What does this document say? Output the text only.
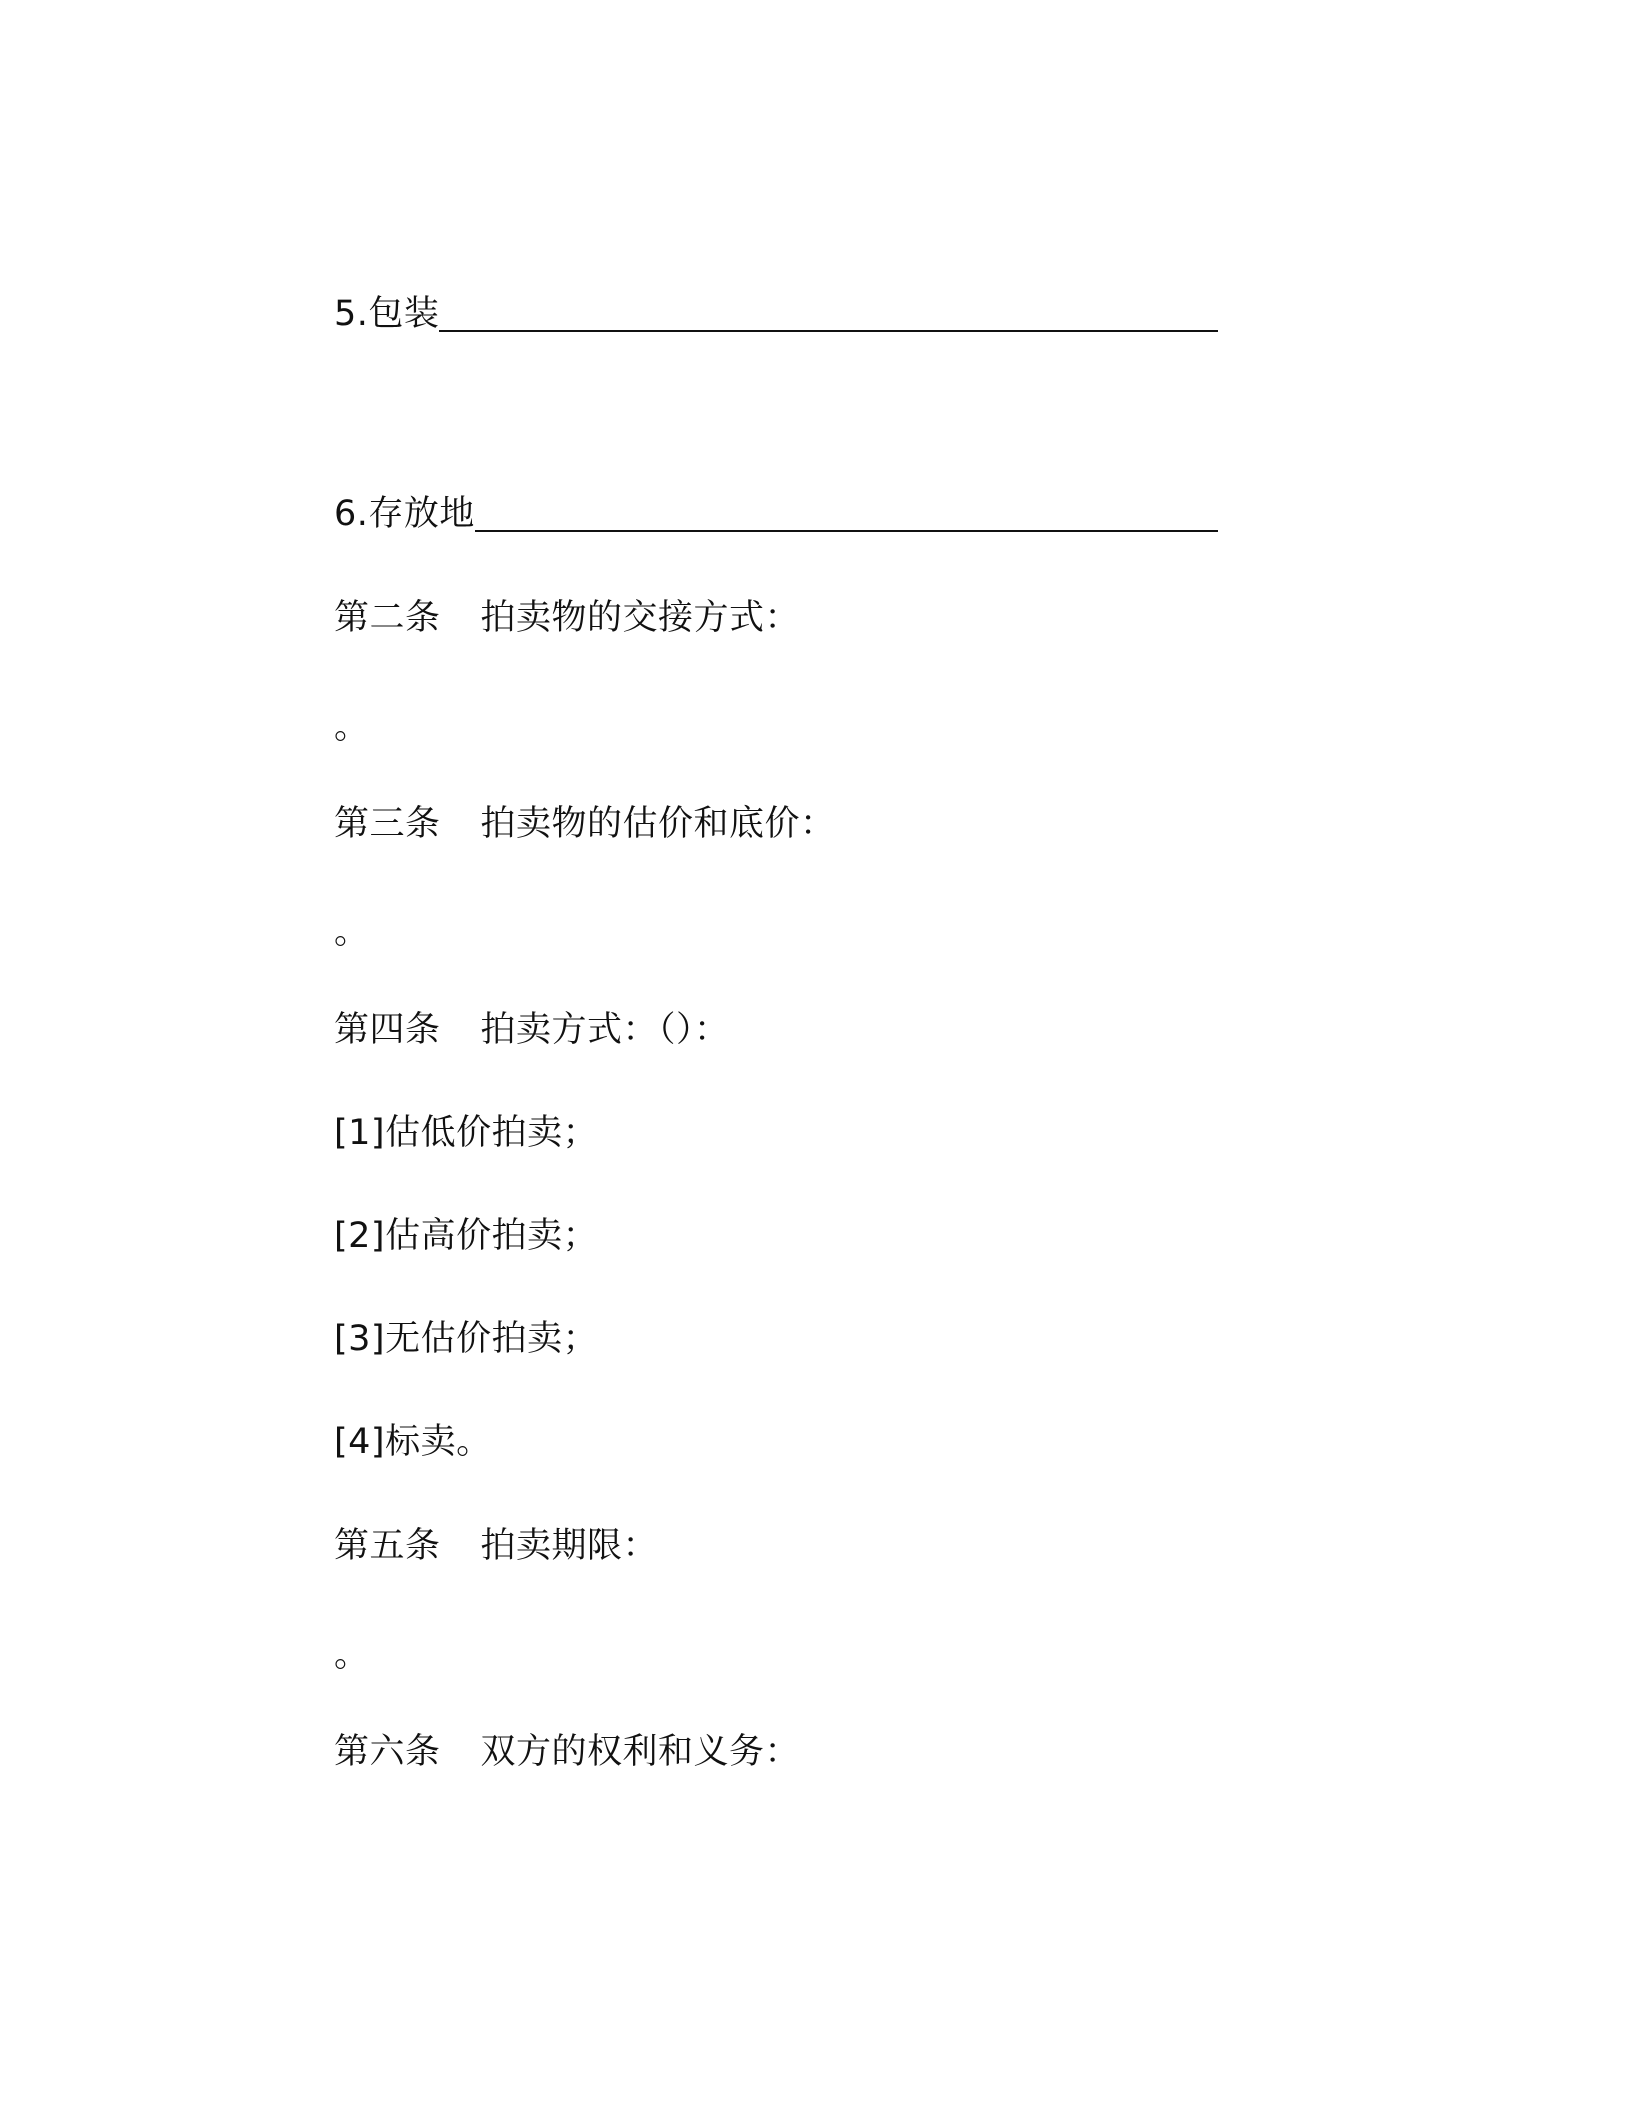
5.包装
6.存放地
第二条 拍卖物的交接方式：
。
第三条 拍卖物的估价和底价：
。
第四条 拍卖方式：（）：
[1]估低价拍卖；
[2]估高价拍卖；
[3]无估价拍卖；
[4]标卖。
第五条 拍卖期限：
。
第六条 双方的权利和义务：
